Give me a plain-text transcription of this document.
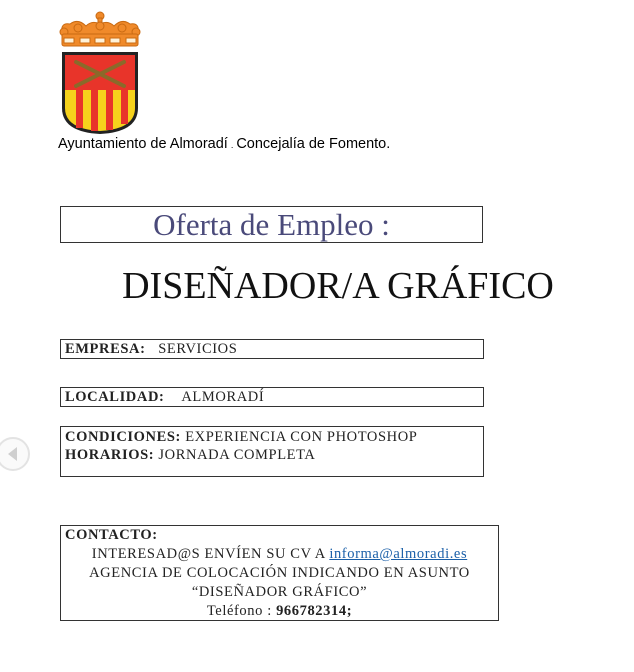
Ayuntamiento de Almoradí . Concejalía de Fomento.
Oferta de Empleo :
DISEÑADOR/A GRÁFICO
EMPRESA: SERVICIOS
LOCALIDAD: ALMORADÍ
CONDICIONES: EXPERIENCIA CON PHOTOSHOP
HORARIOS: JORNADA COMPLETA
CONTACTO:
INTERESAD@S ENVÍEN SU CV A informa@almoradi.es
AGENCIA DE COLOCACIÓN INDICANDO EN ASUNTO
“DISEÑADOR GRÁFICO”
Teléfono : 966782314;
